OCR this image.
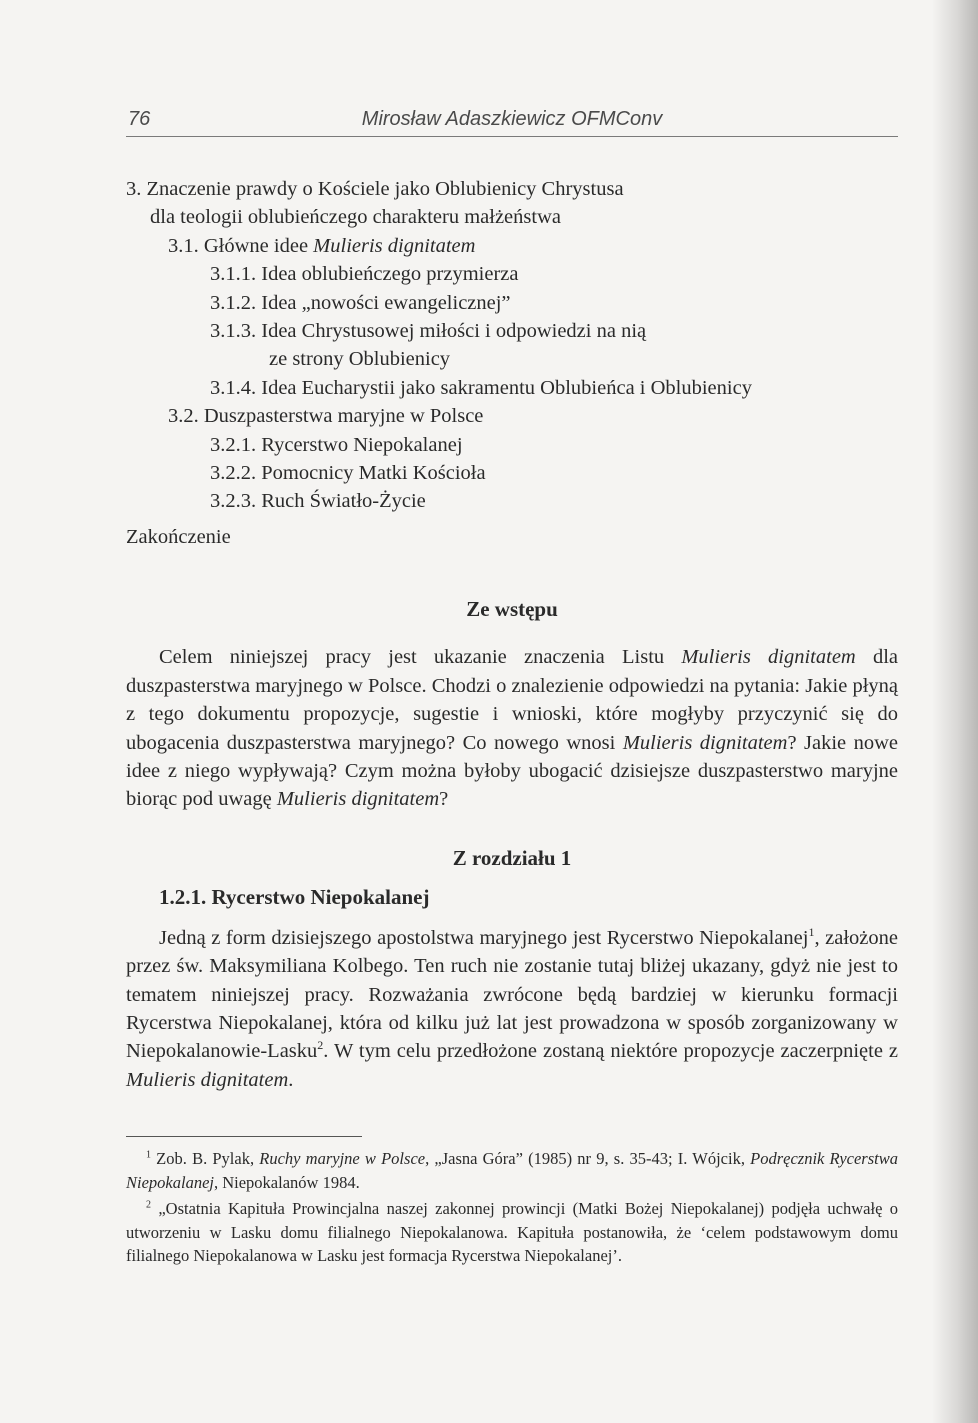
76	Mirosław Adaszkiewicz OFMConv
3. Znaczenie prawdy o Kościele jako Oblubienicy Chrystusa
dla teologii oblubieńczego charakteru małżeństwa
3.1. Główne idee Mulieris dignitatem
3.1.1. Idea oblubieńczego przymierza
3.1.2. Idea „nowości ewangelicznej”
3.1.3. Idea Chrystusowej miłości i odpowiedzi na nią
ze strony Oblubienicy
3.1.4. Idea Eucharystii jako sakramentu Oblubieńca i Oblubienicy
3.2. Duszpasterstwa maryjne w Polsce
3.2.1. Rycerstwo Niepokalanej
3.2.2. Pomocnicy Matki Kościoła
3.2.3. Ruch Światło-Życie
Zakończenie
Ze wstępu

Celem niniejszej pracy jest ukazanie znaczenia Listu Mulieris dignitatem dla duszpasterstwa maryjnego w Polsce. Chodzi o znalezienie odpowiedzi na pytania: Jakie płyną z tego dokumentu propozycje, sugestie i wnioski, które mogłyby przyczynić się do ubogacenia duszpasterstwa maryjnego? Co nowego wnosi Mulieris dignitatem? Jakie nowe idee z niego wypływają? Czym można byłoby ubogacić dzisiejsze duszpasterstwo maryjne biorąc pod uwagę Mulieris dignitatem?

Z rozdziału 1
1.2.1. Rycerstwo Niepokalanej

Jedną z form dzisiejszego apostolstwa maryjnego jest Rycerstwo Niepokalanej$^1$, założone przez św. Maksymiliana Kolbego. Ten ruch nie zostanie tutaj bliżej ukazany, gdyż nie jest to tematem niniejszej pracy. Rozważania zwrócone będą bardziej w kierunku formacji Rycerstwa Niepokalanej, która od kilku już lat jest prowadzona w sposób zorganizowany w Niepokalanowie-Lasku$^2$. W tym celu przedłożone zostaną niektóre propozycje zaczerpnięte z Mulieris dignitatem.

$^1$ Zob. B. Pylak, Ruchy maryjne w Polsce, „Jasna Góra” (1985) nr 9, s. 35-43; I. Wójcik, Podręcznik Rycerstwa Niepokalanej, Niepokalanów 1984.
$^2$ „Ostatnia Kapituła Prowincjalna naszej zakonnej prowincji (Matki Bożej Niepokalanej) podjęła uchwałę o utworzeniu w Lasku domu filialnego Niepokalanowa. Kapituła postanowiła, że ‘celem podstawowym domu filialnego Niepokalanowa w Lasku jest formacja Rycerstwa Niepokalanej’.
